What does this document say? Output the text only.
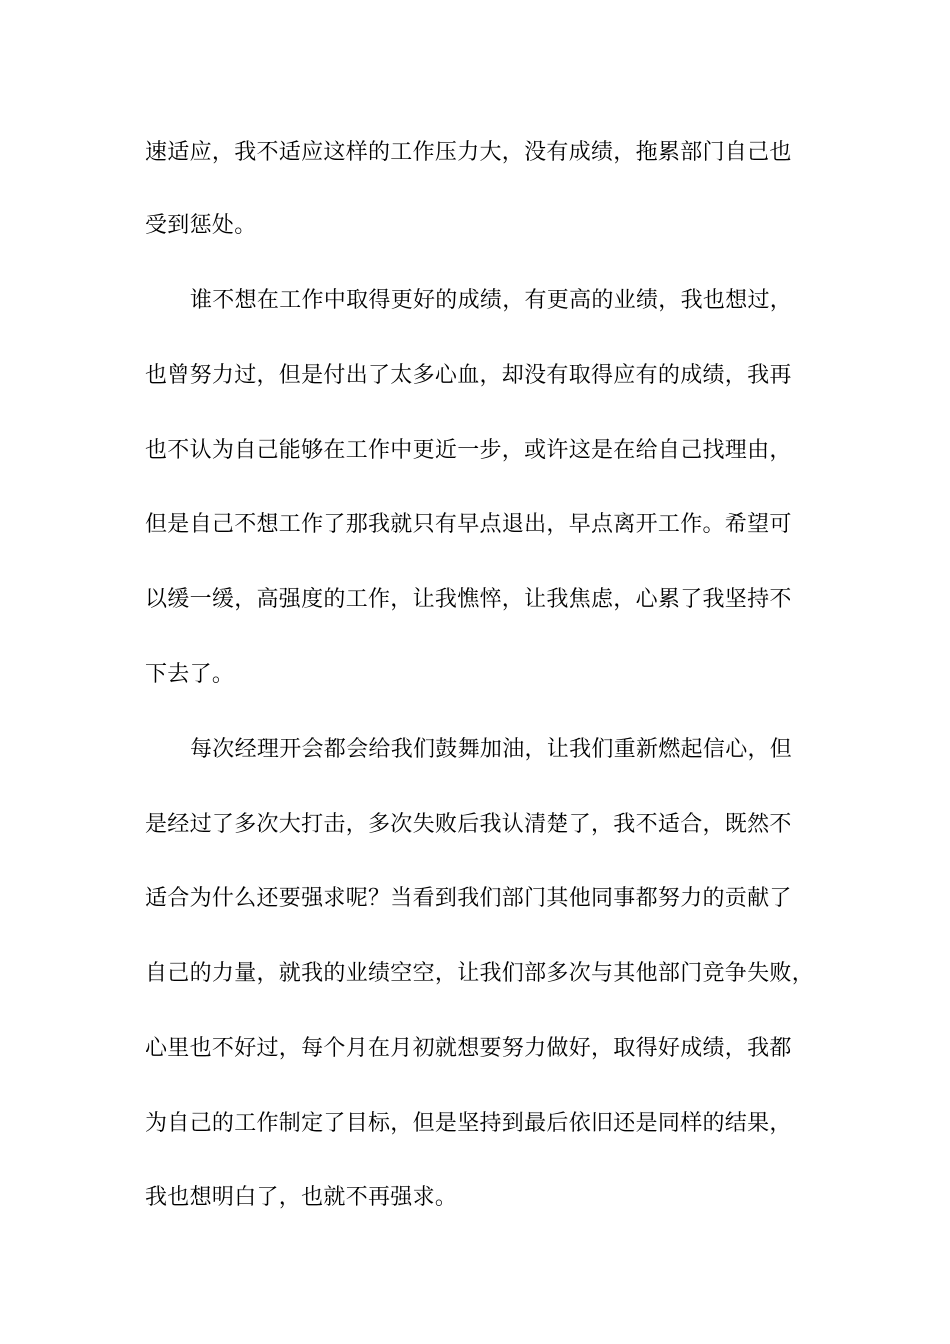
速适应，我不适应这样的工作压力大，没有成绩，拖累部门自己也
受到惩处。
谁不想在工作中取得更好的成绩，有更高的业绩，我也想过，
也曾努力过，但是付出了太多心血，却没有取得应有的成绩，我再
也不认为自己能够在工作中更近一步，或许这是在给自己找理由，
但是自己不想工作了那我就只有早点退出，早点离开工作。希望可
以缓一缓，高强度的工作，让我憔悴，让我焦虑，心累了我坚持不
下去了。
每次经理开会都会给我们鼓舞加油，让我们重新燃起信心，但
是经过了多次大打击，多次失败后我认清楚了，我不适合，既然不
适合为什么还要强求呢？当看到我们部门其他同事都努力的贡献了
自己的力量，就我的业绩空空，让我们部多次与其他部门竞争失败，
心里也不好过，每个月在月初就想要努力做好，取得好成绩，我都
为自己的工作制定了目标，但是坚持到最后依旧还是同样的结果，
我也想明白了，也就不再强求。
